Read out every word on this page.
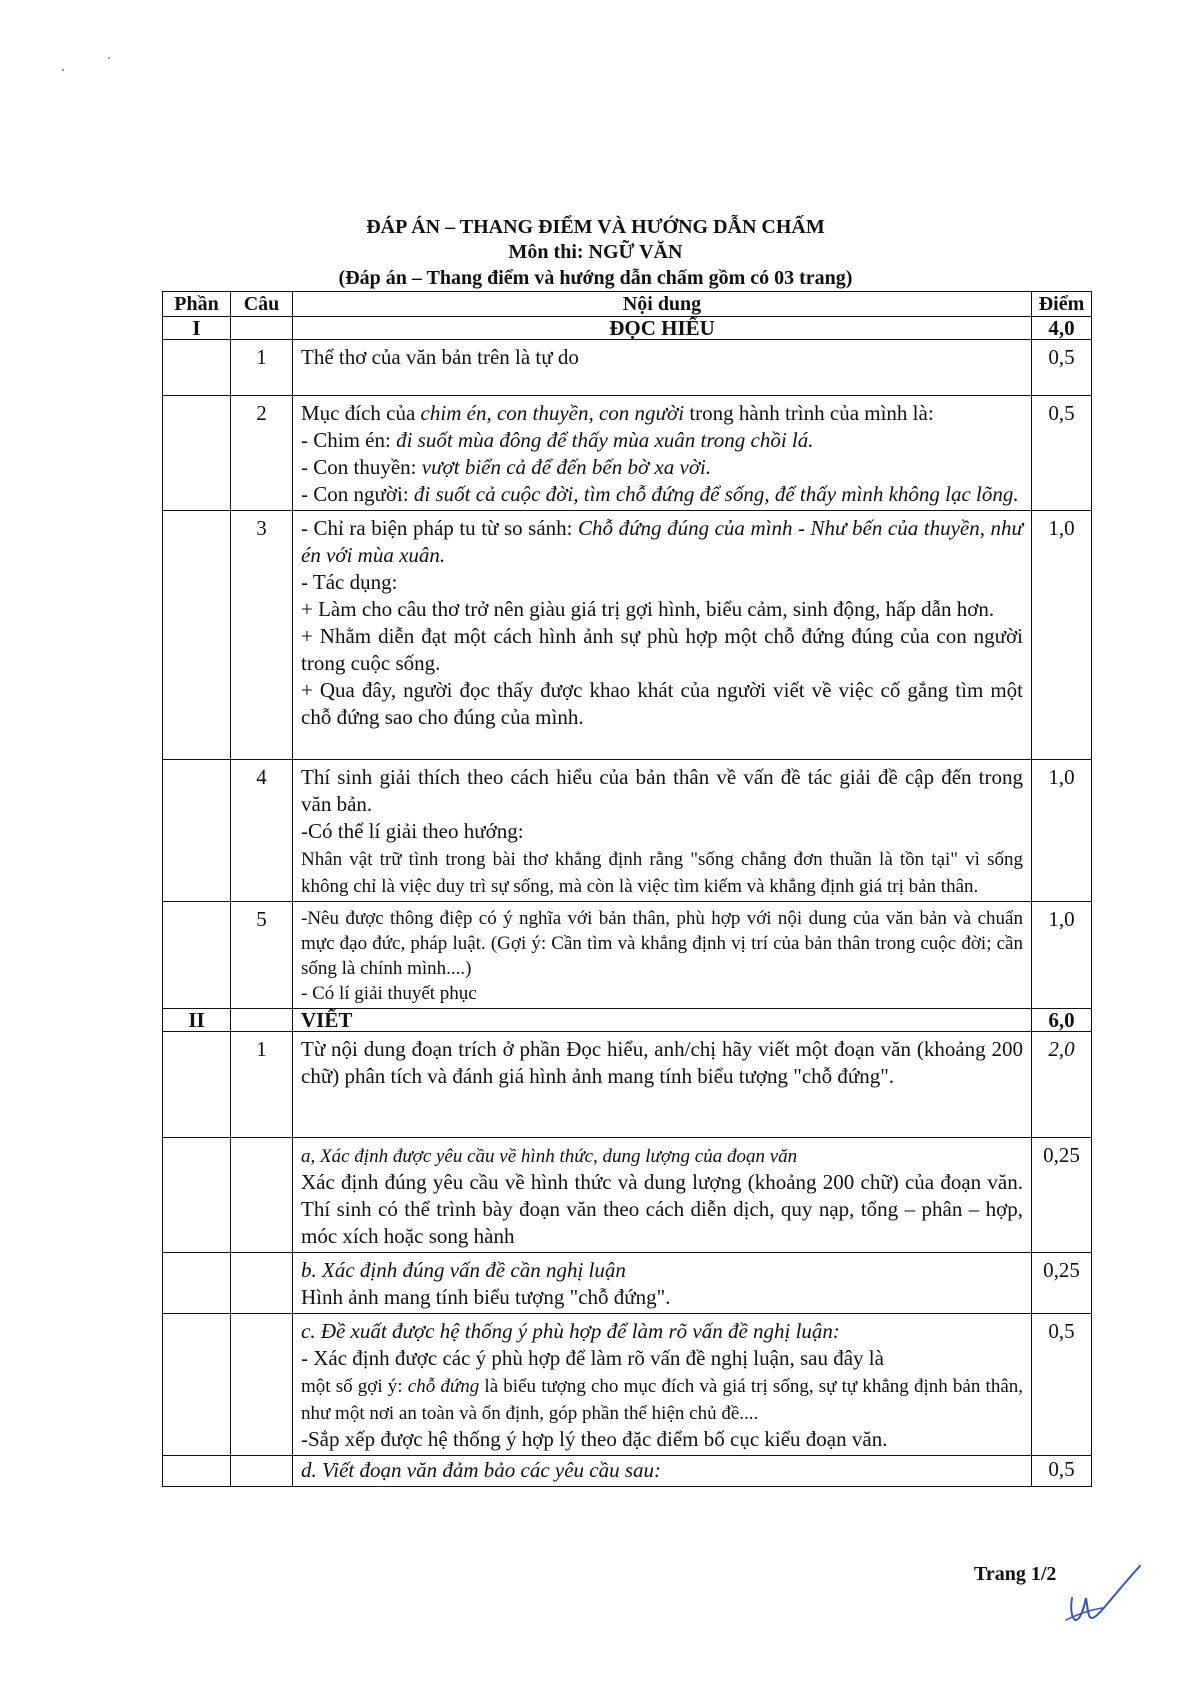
ĐÁP ÁN – THANG ĐIỂM VÀ HƯỚNG DẪN CHẤM
Môn thi: NGỮ VĂN
(Đáp án – Thang điểm và hướng dẫn chấm gồm có 03 trang)
Phần	Câu	Nội dung	Điểm
I		ĐỌC HIỂU	4,0
	1	Thể thơ của văn bản trên là tự do	0,5
	2	Mục đích của chim én, con thuyền, con người trong hành trình của mình là:
- Chim én: đi suốt mùa đông để thấy mùa xuân trong chồi lá.
- Con thuyền: vượt biển cả để đến bến bờ xa vời.
- Con người: đi suốt cả cuộc đời, tìm chỗ đứng để sống, để thấy mình không lạc lõng.	0,5
	3	- Chỉ ra biện pháp tu từ so sánh: Chỗ đứng đúng của mình - Như bến của thuyền, như én với mùa xuân.
- Tác dụng:
+ Làm cho câu thơ trở nên giàu giá trị gợi hình, biểu cảm, sinh động, hấp dẫn hơn.
+ Nhằm diễn đạt một cách hình ảnh sự phù hợp một chỗ đứng đúng của con người trong cuộc sống.
+ Qua đây, người đọc thấy được khao khát của người viết về việc cố gắng tìm một chỗ đứng sao cho đúng của mình.	1,0
	4	Thí sinh giải thích theo cách hiểu của bản thân về vấn đề tác giải đề cập đến trong văn bản.
-Có thể lí giải theo hướng:
Nhân vật trữ tình trong bài thơ khẳng định rằng "sống chẳng đơn thuần là tồn tại" vì sống không chỉ là việc duy trì sự sống, mà còn là việc tìm kiếm và khẳng định giá trị bản thân.	1,0
	5	-Nêu được thông điệp có ý nghĩa với bản thân, phù hợp với nội dung của văn bản và chuẩn mực đạo đức, pháp luật. (Gợi ý: Cần tìm và khẳng định vị trí của bản thân trong cuộc đời; cần sống là chính mình....)
- Có lí giải thuyết phục	1,0
II		VIẾT	6,0
	1	Từ nội dung đoạn trích ở phần Đọc hiểu, anh/chị hãy viết một đoạn văn (khoảng 200 chữ) phân tích và đánh giá hình ảnh mang tính biểu tượng "chỗ đứng".	2,0
		a, Xác định được yêu cầu về hình thức, dung lượng của đoạn văn
Xác định đúng yêu cầu về hình thức và dung lượng (khoảng 200 chữ) của đoạn văn. Thí sinh có thể trình bày đoạn văn theo cách diễn dịch, quy nạp, tổng – phân – hợp, móc xích hoặc song hành	0,25
		b. Xác định đúng vấn đề cần nghị luận
Hình ảnh mang tính biểu tượng "chỗ đứng".	0,25
		c. Đề xuất được hệ thống ý phù hợp để làm rõ vấn đề nghị luận:
- Xác định được các ý phù hợp để làm rõ vấn đề nghị luận, sau đây là
một số gợi ý: chỗ đứng là biểu tượng cho mục đích và giá trị sống, sự tự khẳng định bản thân, như một nơi an toàn và ổn định, góp phần thể hiện chủ đề....
-Sắp xếp được hệ thống ý hợp lý theo đặc điểm bố cục kiểu đoạn văn.	0,5
		d. Viết đoạn văn đảm bảo các yêu cầu sau:	0,5
Trang 1/2
